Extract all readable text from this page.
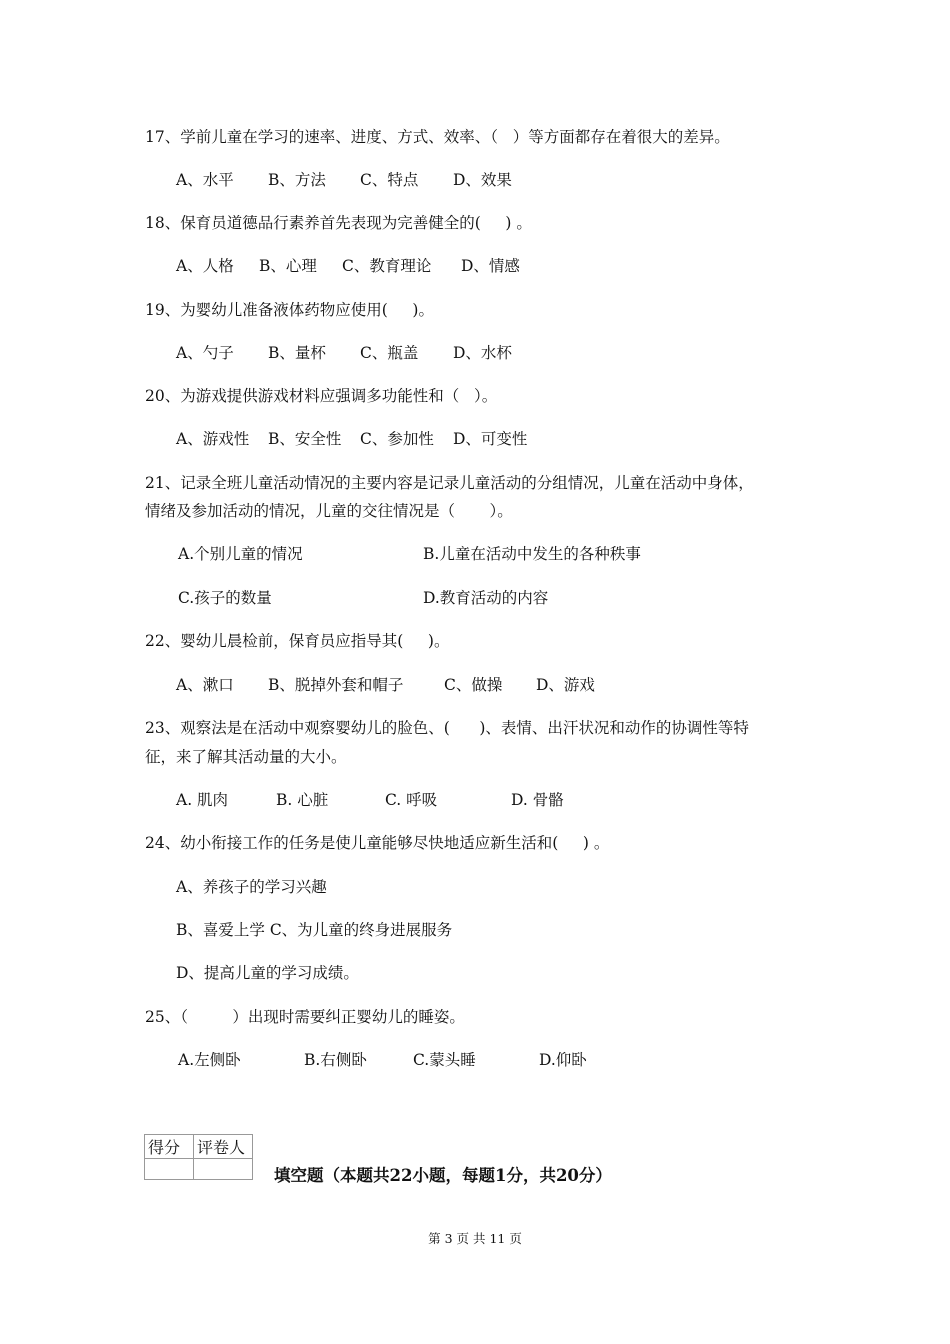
17、学前儿童在学习的速率、进度、方式、效率、（   ）等方面都存在着很大的差异。
A、水平 B、方法 C、特点 D、效果
18、保育员道德品行素养首先表现为完善健全的(     ) 。
A、人格 B、心理 C、教育理论 D、情感
19、为婴幼儿准备液体药物应使用(     )。
A、勺子 B、量杯 C、瓶盖 D、水杯
20、为游戏提供游戏材料应强调多功能性和（   ）。
A、游戏性 B、安全性 C、参加性 D、可变性
21、记录全班儿童活动情况的主要内容是记录儿童活动的分组情况，儿童在活动中身体，
情绪及参加活动的情况，儿童的交往情况是（       ）。
A.个别儿童的情况	B.儿童在活动中发生的各种秩事
C.孩子的数量	D.教育活动的内容
22、婴幼儿晨检前，保育员应指导其(     )。
A、漱口 B、脱掉外套和帽子	C、做操 D、游戏
23、观察法是在活动中观察婴幼儿的脸色、(      )、表情、出汗状况和动作的协调性等特
征，来了解其活动量的大小。
A. 肌肉	B. 心脏	C. 呼吸	D. 骨骼
24、幼小衔接工作的任务是使儿童能够尽快地适应新生活和(     ) 。
A、养孩子的学习兴趣
B、喜爱上学 C、为儿童的终身进展服务
D、提高儿童的学习成绩。
25、（         ）出现时需要纠正婴幼儿的睡姿。
A.左侧卧	B.右侧卧	C.蒙头睡	D.仰卧
得分	评卷人

填空题（本题共22小题，每题1分，共20分）
第 3 页 共 11 页
